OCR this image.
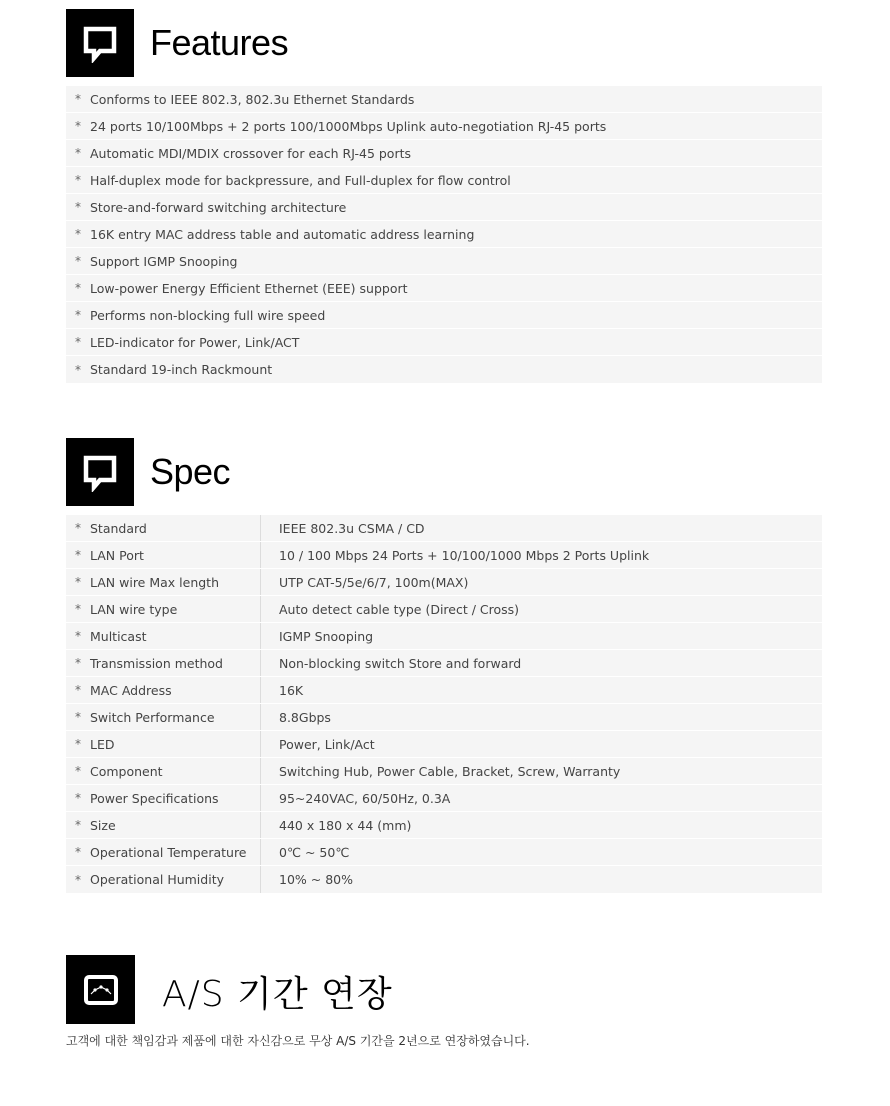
Features
* Conforms to IEEE 802.3, 802.3u Ethernet Standards
* 24 ports 10/100Mbps + 2 ports 100/1000Mbps Uplink auto-negotiation RJ-45 ports
* Automatic MDI/MDIX crossover for each RJ-45 ports
* Half-duplex mode for backpressure, and Full-duplex for flow control
* Store-and-forward switching architecture
* 16K entry MAC address table and automatic address learning
* Support IGMP Snooping
* Low-power Energy Efficient Ethernet (EEE) support
* Performs non-blocking full wire speed
* LED-indicator for Power, Link/ACT
* Standard 19-inch Rackmount
Spec
* Standard	IEEE 802.3u CSMA / CD
* LAN Port	10 / 100 Mbps 24 Ports + 10/100/1000 Mbps 2 Ports Uplink
* LAN wire Max length	UTP CAT-5/5e/6/7, 100m(MAX)
* LAN wire type	Auto detect cable type (Direct / Cross)
* Multicast	IGMP Snooping
* Transmission method	Non-blocking switch Store and forward
* MAC Address	16K
* Switch Performance	8.8Gbps
* LED	Power, Link/Act
* Component	Switching Hub, Power Cable, Bracket, Screw, Warranty
* Power Specifications	95~240VAC, 60/50Hz, 0.3A
* Size	440 x 180 x 44 (mm)
* Operational Temperature	0℃ ~ 50℃
* Operational Humidity	10% ~ 80%
A/S 기간 연장
고객에 대한 책임감과 제품에 대한 자신감으로 무상 A/S 기간을 2년으로 연장하였습니다.
